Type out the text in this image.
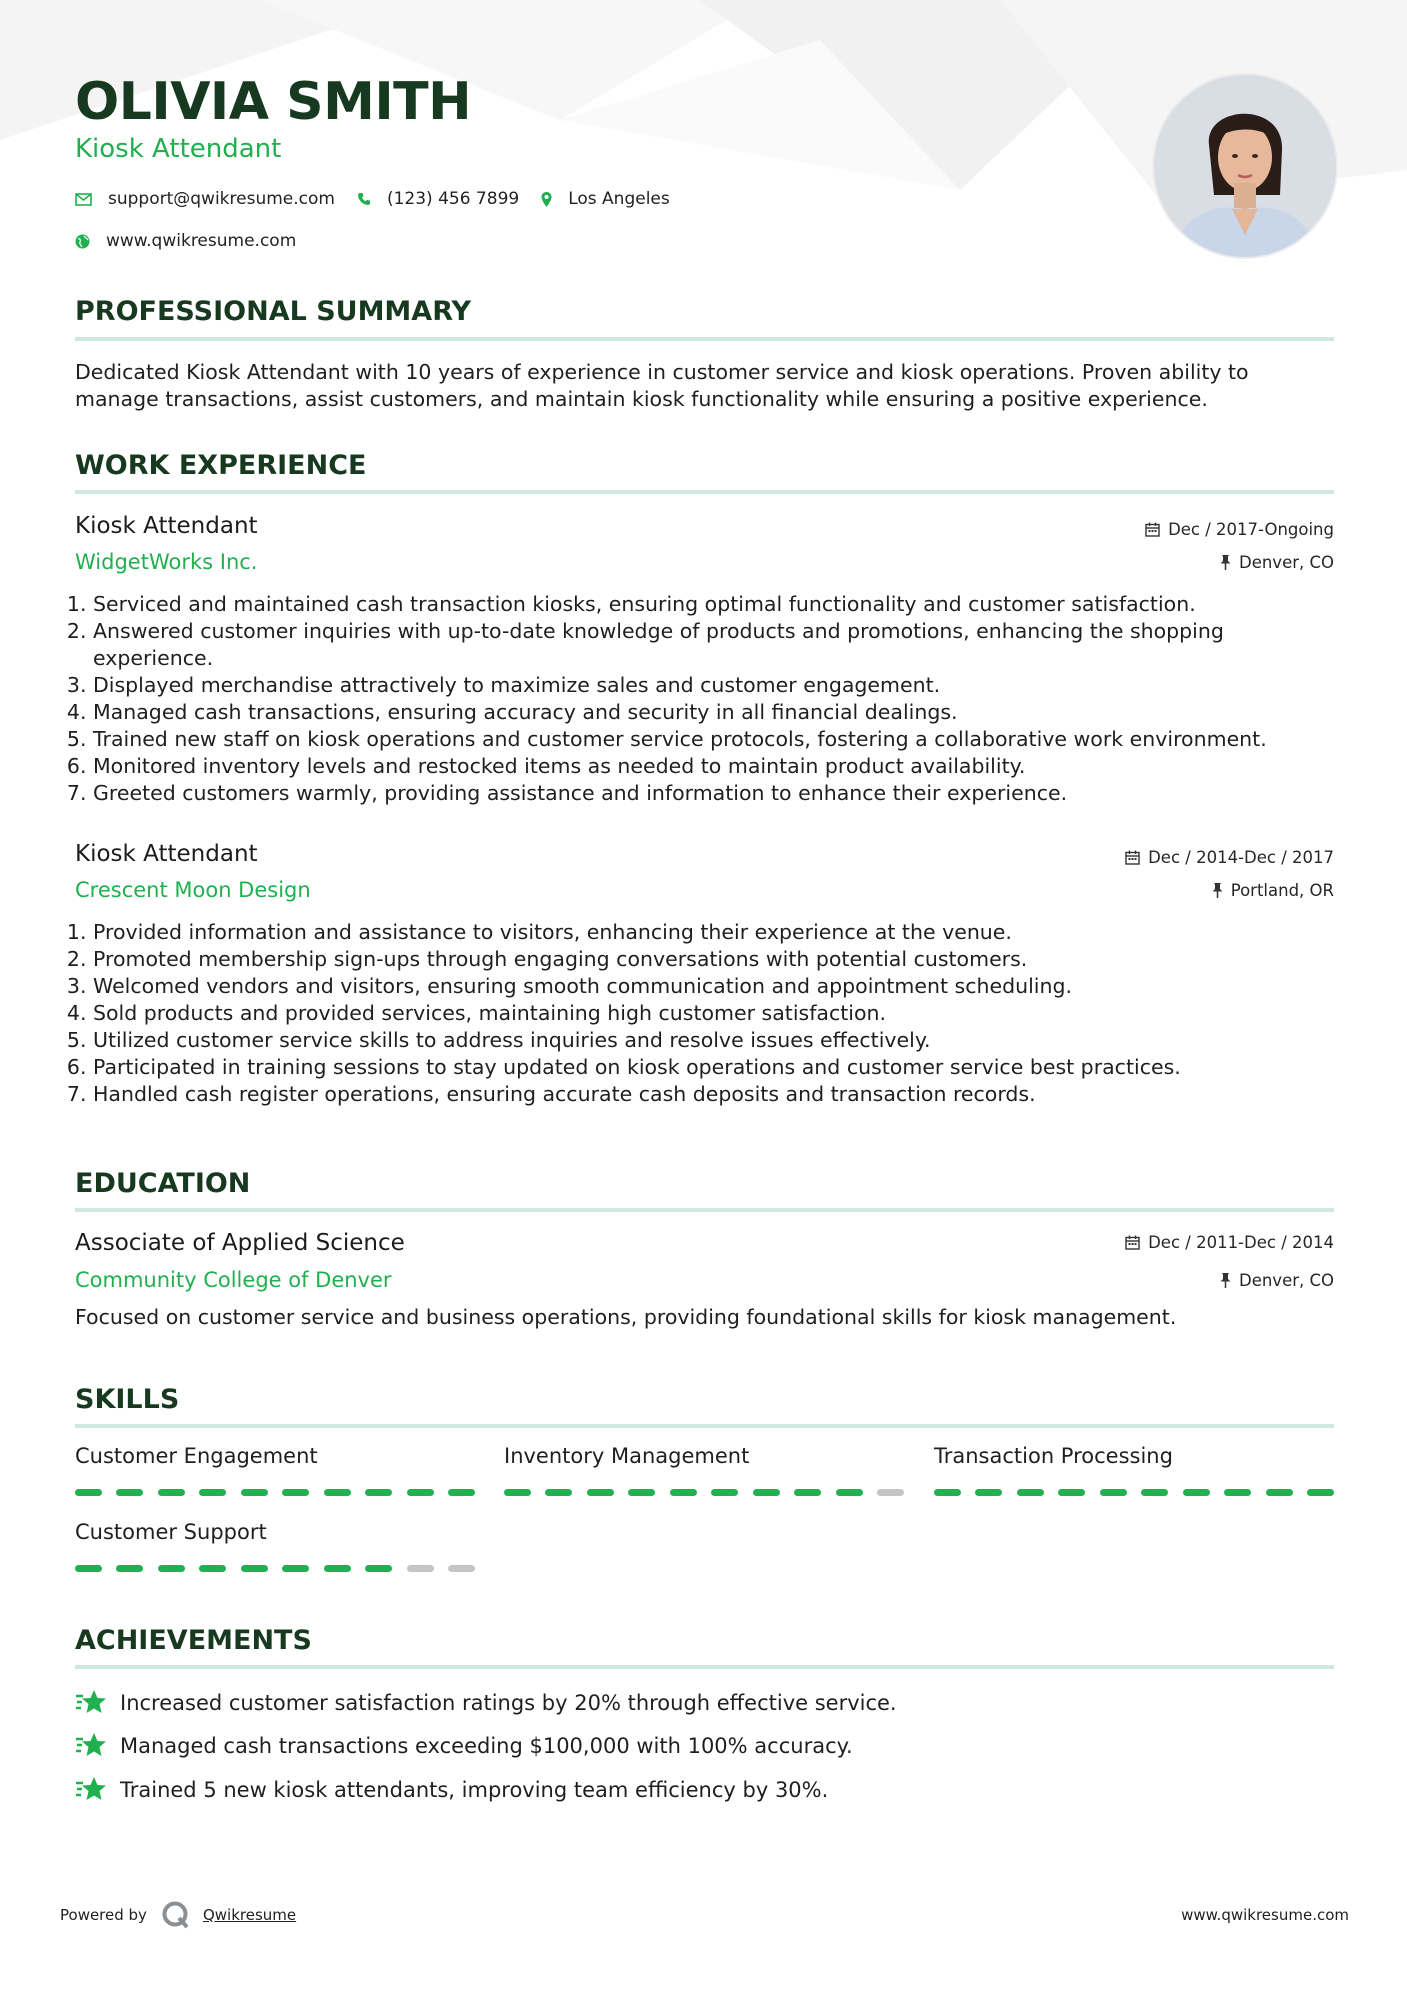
OLIVIA SMITH
Kiosk Attendant
support@qwikresume.com	(123) 456 7899	Los Angeles
www.qwikresume.com
PROFESSIONAL SUMMARY
Dedicated Kiosk Attendant with 10 years of experience in customer service and kiosk operations. Proven ability to manage transactions, assist customers, and maintain kiosk functionality while ensuring a positive experience.
WORK EXPERIENCE
Kiosk Attendant
WidgetWorks Inc.
Dec / 2017-Ongoing
Denver, CO
1. Serviced and maintained cash transaction kiosks, ensuring optimal functionality and customer satisfaction.
2. Answered customer inquiries with up-to-date knowledge of products and promotions, enhancing the shopping experience.
3. Displayed merchandise attractively to maximize sales and customer engagement.
4. Managed cash transactions, ensuring accuracy and security in all financial dealings.
5. Trained new staff on kiosk operations and customer service protocols, fostering a collaborative work environment.
6. Monitored inventory levels and restocked items as needed to maintain product availability.
7. Greeted customers warmly, providing assistance and information to enhance their experience.
Kiosk Attendant
Crescent Moon Design
Dec / 2014-Dec / 2017
Portland, OR
1. Provided information and assistance to visitors, enhancing their experience at the venue.
2. Promoted membership sign-ups through engaging conversations with potential customers.
3. Welcomed vendors and visitors, ensuring smooth communication and appointment scheduling.
4. Sold products and provided services, maintaining high customer satisfaction.
5. Utilized customer service skills to address inquiries and resolve issues effectively.
6. Participated in training sessions to stay updated on kiosk operations and customer service best practices.
7. Handled cash register operations, ensuring accurate cash deposits and transaction records.
EDUCATION
Associate of Applied Science
Community College of Denver
Dec / 2011-Dec / 2014
Denver, CO
Focused on customer service and business operations, providing foundational skills for kiosk management.
SKILLS
Customer Engagement	Inventory Management	Transaction Processing
Customer Support
ACHIEVEMENTS
Increased customer satisfaction ratings by 20% through effective service.
Managed cash transactions exceeding $100,000 with 100% accuracy.
Trained 5 new kiosk attendants, improving team efficiency by 30%.
Powered by	Qwikresume	www.qwikresume.com
